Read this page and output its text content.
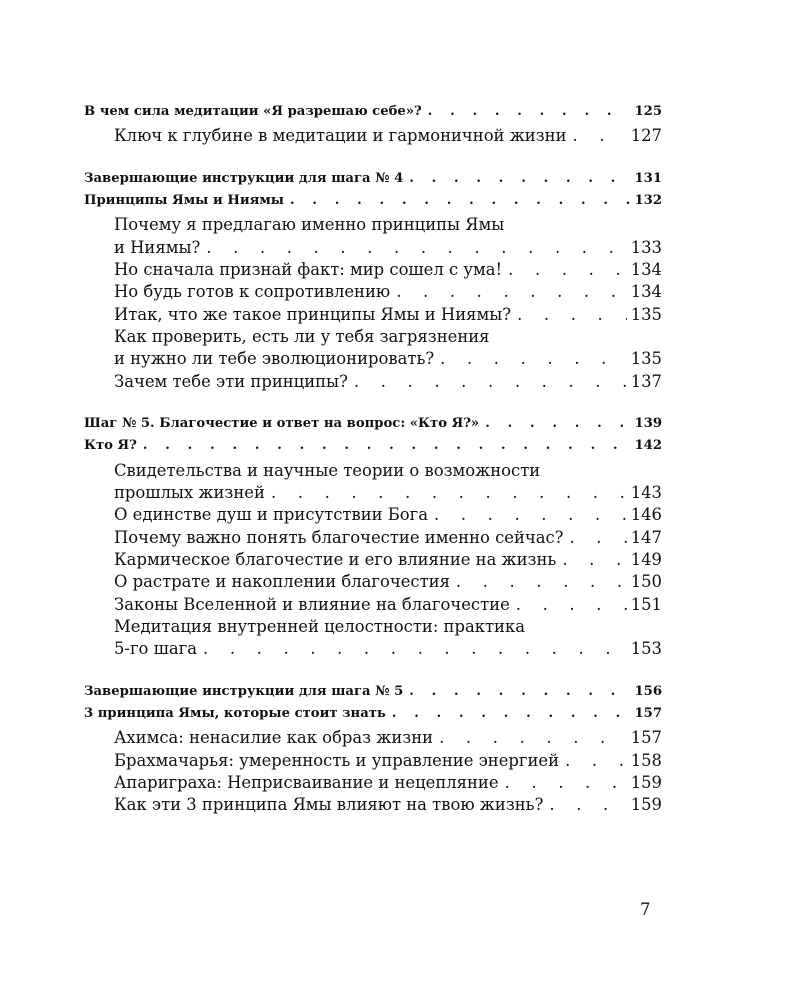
В чем сила медитации «Я разрешаю себе»? . . .	125
Ключ к глубине в медитации и гармоничной жизни . . .	127
Завершающие инструкции для шага № 4 . . .	131
Принципы Ямы и Ниямы . . .	132
Почему я предлагаю именно принципы Ямы
и Ниямы? . . .	133
Но сначала признай факт: мир сошел с ума! . . .	134
Но будь готов к сопротивлению . . .	134
Итак, что же такое принципы Ямы и Ниямы? . . .	135
Как проверить, есть ли у тебя загрязнения
и нужно ли тебе эволюционировать? . . .	135
Зачем тебе эти принципы? . . .	137
Шаг № 5. Благочестие и ответ на вопрос: «Кто Я?» . . .	139
Кто Я? . . .	142
Свидетельства и научные теории о возможности
прошлых жизней . . .	143
О единстве душ и присутствии Бога . . .	146
Почему важно понять благочестие именно сейчас? . . .	147
Кармическое благочестие и его влияние на жизнь . . .	149
О растрате и накоплении благочестия . . .	150
Законы Вселенной и влияние на благочестие . . .	151
Медитация внутренней целостности: практика
5-го шага . . .	153
Завершающие инструкции для шага № 5 . . .	156
3 принципа Ямы, которые стоит знать . . .	157
Ахимса: ненасилие как образ жизни . . .	157
Брахмачарья: умеренность и управление энергией . . .	158
Апариграха: Неприсваивание и нецепляние . . .	159
Как эти 3 принципа Ямы влияют на твою жизнь? . . .	159
7
